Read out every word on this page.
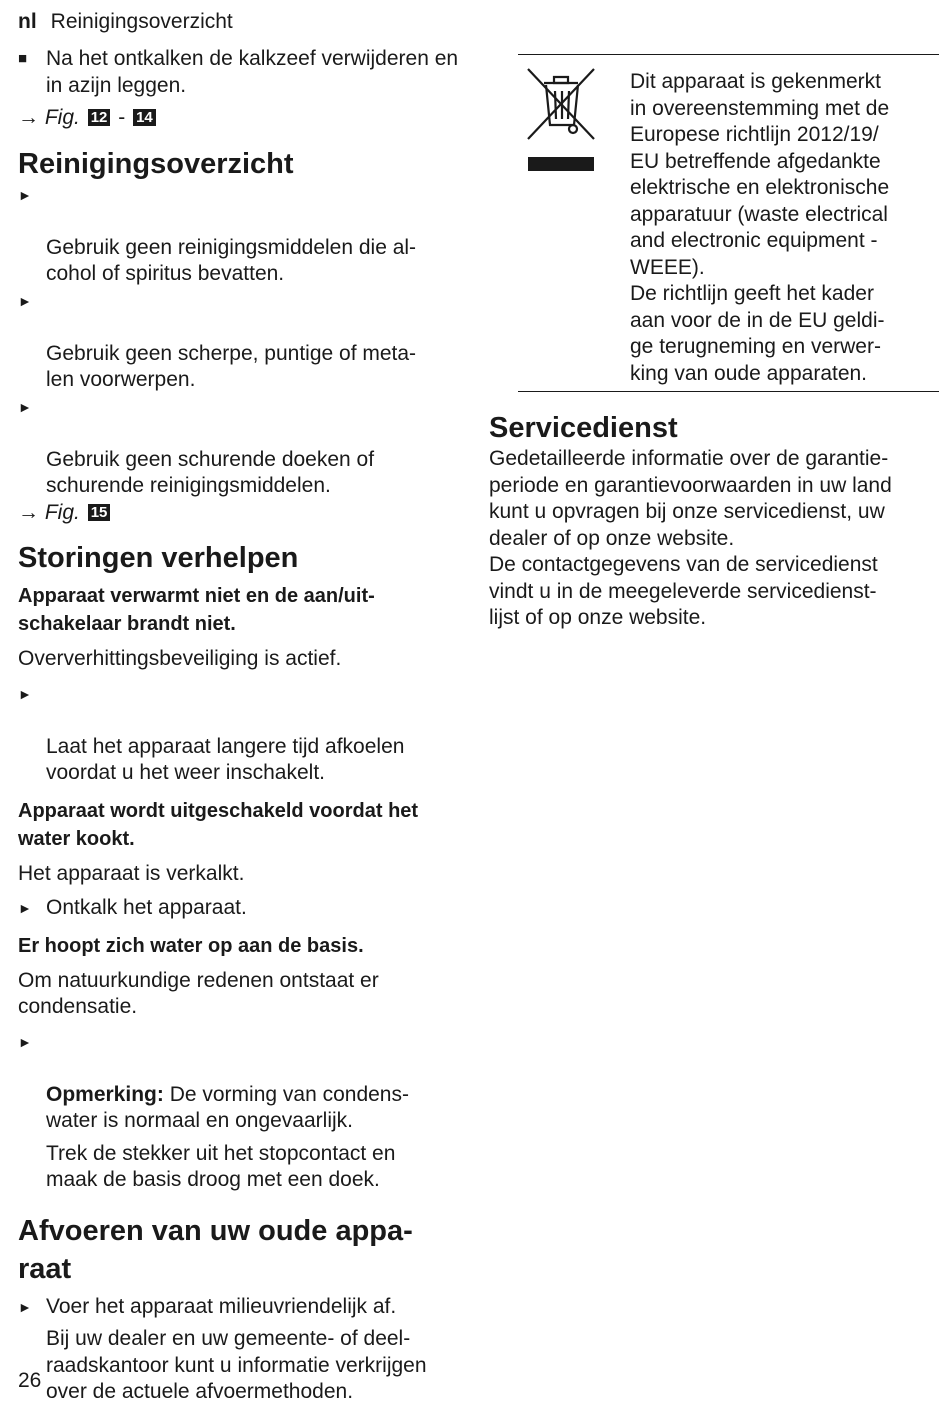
nl Reinigingsoverzicht
■ Na het ontkalken de kalkzeef verwijderen en in azijn leggen.

→ Fig. 12 - 14

Reinigingsoverzicht

►

Gebruik geen reinigingsmiddelen die al-
cohol of spiritus bevatten.

►

Gebruik geen scherpe, puntige of meta-
len voorwerpen.

►

Gebruik geen schurende doeken of
schurende reinigingsmiddelen.

→ Fig. 15

Storingen verhelpen

Apparaat verwarmt niet en de aan/uit-
schakelaar brandt niet.

Oververhittingsbeveiliging is actief.

►

Laat het apparaat langere tijd afkoelen
voordat u het weer inschakelt.

Apparaat wordt uitgeschakeld voordat het
water kookt.

Het apparaat is verkalkt.

► Ontkalk het apparaat.

Er hoopt zich water op aan de basis.

Om natuurkundige redenen ontstaat er
condensatie.

►

Opmerking: De vorming van condens-
water is normaal en ongevaarlijk.

Trek de stekker uit het stopcontact en
maak de basis droog met een doek.

Afvoeren van uw oude appa-
raat
► Voer het apparaat milieuvriendelijk af.

Bij uw dealer en uw gemeente- of deel-
raadskantoor kunt u informatie verkrijgen
over de actuele afvoermethoden.

Dit apparaat is gekenmerkt
in overeenstemming met de
Europese richtlijn 2012/19/
EU betreffende afgedankte
elektrische en elektronische
apparatuur (waste electrical
and electronic equipment -
WEEE).

De richtlijn geeft het kader
aan voor de in de EU geldi-
ge terugneming en verwer-
king van oude apparaten.

Servicedienst

Gedetailleerde informatie over de garantie-
periode en garantievoorwaarden in uw land
kunt u opvragen bij onze servicedienst, uw
dealer of op onze website.

De contactgegevens van de servicedienst
vindt u in de meegeleverde servicedienst-
lijst of op onze website.

26
